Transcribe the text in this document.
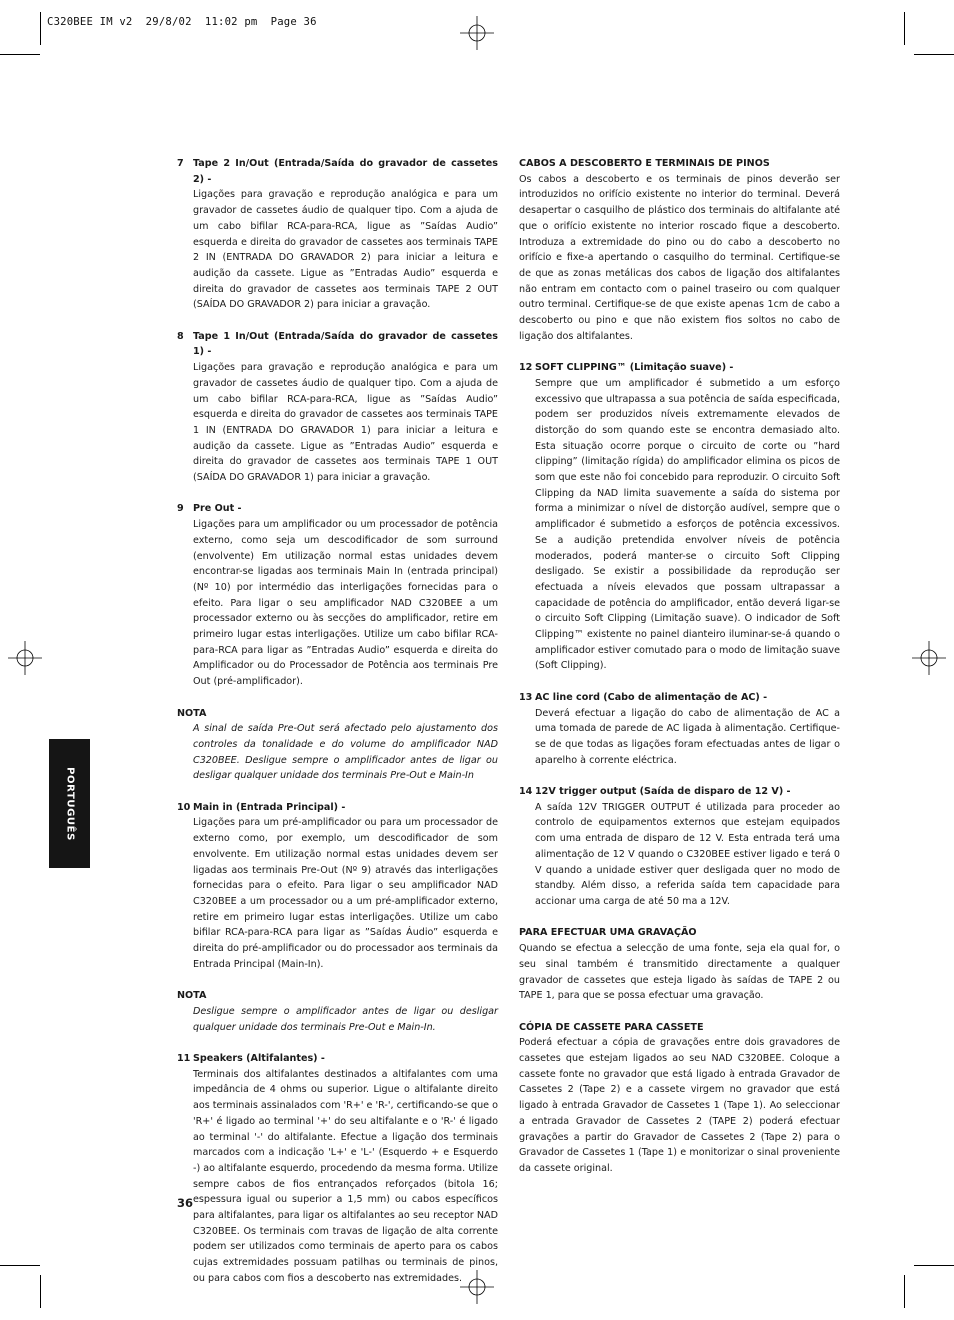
C320BEE IM v2  29/8/02  11:02 pm  Page 36
PORTUGUÊS
7 Tape 2 In/Out (Entrada/Saída do gravador de cassetes 2) -

Ligações para gravação e reprodução analógica e para um gravador de cassetes áudio de qualquer tipo. Com a ajuda de um cabo bifilar RCA-para-RCA, ligue as ”Saídas Audio” esquerda e direita do gravador de cassetes aos terminais TAPE 2 IN (ENTRADA DO GRAVADOR 2) para iniciar a leitura e audição da cassete. Ligue as ”Entradas Audio” esquerda e direita do gravador de cassetes aos terminais TAPE 2 OUT (SAÍDA DO GRAVADOR 2) para iniciar a gravação.

8 Tape 1 In/Out (Entrada/Saída do gravador de cassetes 1) -

Ligações para gravação e reprodução analógica e para um gravador de cassetes áudio de qualquer tipo. Com a ajuda de um cabo bifilar RCA-para-RCA, ligue as ”Saídas Audio” esquerda e direita do gravador de cassetes aos terminais TAPE 1 IN (ENTRADA DO GRAVADOR 1) para iniciar a leitura e audição da cassete. Ligue as ”Entradas Audio” esquerda e direita do gravador de cassetes aos terminais TAPE 1 OUT (SAÍDA DO GRAVADOR 1) para iniciar a gravação.

9 Pre Out -

Ligações para um amplificador ou um processador de potência externo, como seja um descodificador de som surround (envolvente) Em utilização normal estas unidades devem encontrar-se ligadas aos terminais Main In (entrada principal) (Nº 10) por intermédio das interligações fornecidas para o efeito. Para ligar o seu amplificador NAD C320BEE a um processador externo ou às secções do amplificador, retire em primeiro lugar estas interligações. Utilize um cabo bifilar RCA-para-RCA para ligar as ”Entradas Audio” esquerda e direita do Amplificador ou do Processador de Potência aos terminais Pre Out (pré-amplificador).

NOTA

A sinal de saída Pre-Out será afectado pelo ajustamento dos controles da tonalidade e do volume do amplificador NAD C320BEE. Desligue sempre o amplificador antes de ligar ou desligar qualquer unidade dos terminais Pre-Out e Main-In

10 Main in (Entrada Principal) -

Ligações para um pré-amplificador ou para um processador de externo como, por exemplo, um descodificador de som envolvente. Em utilização normal estas unidades devem ser ligadas aos terminais Pre-Out (Nº 9) através das interligações fornecidas para o efeito. Para ligar o seu amplificador NAD C320BEE a um processador ou a um pré-amplificador externo, retire em primeiro lugar estas interligações. Utilize um cabo bifilar RCA-para-RCA para ligar as ”Saídas Áudio” esquerda e direita do pré-amplificador ou do processador aos terminais da Entrada Principal (Main-In).

NOTA

Desligue sempre o amplificador antes de ligar ou desligar qualquer unidade dos terminais Pre-Out e Main-In.

11 Speakers (Altifalantes) -

Terminais dos altifalantes destinados a altifalantes com uma impedância de 4 ohms ou superior. Ligue o altifalante direito aos terminais assinalados com 'R+' e 'R-', certificando-se que o 'R+' é ligado ao terminal '+' do seu altifalante e o 'R-' é ligado ao terminal '-' do altifalante. Efectue a ligação dos terminais marcados com a indicação 'L+' e 'L-' (Esquerdo + e Esquerdo -) ao altifalante esquerdo, procedendo da mesma forma. Utilize sempre cabos de fios entrançados reforçados (bitola 16; espessura igual ou superior a 1,5 mm) ou cabos específicos para altifalantes, para ligar os altifalantes ao seu receptor NAD C320BEE. Os terminais com travas de ligação de alta corrente podem ser utilizados como terminais de aperto para os cabos cujas extremidades possuam patilhas ou terminais de pinos, ou para cabos com fios a descoberto nas extremidades.

CABOS A DESCOBERTO E TERMINAIS DE PINOS

Os cabos a descoberto e os terminais de pinos deverão ser introduzidos no orifício existente no interior do terminal. Deverá desapertar o casquilho de plástico dos terminais do altifalante até que o orifício existente no interior roscado fique a descoberto. Introduza a extremidade do pino ou do cabo a descoberto no orifício e fixe-a apertando o casquilho do terminal. Certifique-se de que as zonas metálicas dos cabos de ligação dos altifalantes não entram em contacto com o painel traseiro ou com qualquer outro terminal. Certifique-se de que existe apenas 1cm de cabo a descoberto ou pino e que não existem fios soltos no cabo de ligação dos altifalantes.

12 SOFT CLIPPING™ (Limitação suave) -

Sempre que um amplificador é submetido a um esforço excessivo que ultrapassa a sua potência de saída especificada, podem ser produzidos níveis extremamente elevados de distorção do som quando este se encontra demasiado alto. Esta situação ocorre porque o circuito de corte ou ”hard clipping” (limitação rígida) do amplificador elimina os picos de som que este não foi concebido para reproduzir. O circuito Soft Clipping da NAD limita suavemente a saída do sistema por forma a minimizar o nível de distorção audível, sempre que o amplificador é submetido a esforços de potência excessivos. Se a audição pretendida envolver níveis de potência moderados, poderá manter-se o circuito Soft Clipping desligado. Se existir a possibilidade da reprodução ser efectuada a níveis elevados que possam ultrapassar a capacidade de potência do amplificador, então deverá ligar-se o circuito Soft Clipping (Limitação suave). O indicador de Soft Clipping™ existente no painel dianteiro iluminar-se-á quando o amplificador estiver comutado para o modo de limitação suave (Soft Clipping).

13 AC line cord (Cabo de alimentação de AC) -

Deverá efectuar a ligação do cabo de alimentação de AC a uma tomada de parede de AC ligada à alimentação. Certifique-se de que todas as ligações foram efectuadas antes de ligar o aparelho à corrente eléctrica.

14 12V trigger output (Saída de disparo de 12 V) -

A saída 12V TRIGGER OUTPUT é utilizada para proceder ao controlo de equipamentos externos que estejam equipados com uma entrada de disparo de 12 V. Esta entrada terá uma alimentação de 12 V quando o C320BEE estiver ligado e terá 0 V quando a unidade estiver quer desligada quer no modo de standby. Além disso, a referida saída tem capacidade para accionar uma carga de até 50 ma a 12V.

PARA EFECTUAR UMA GRAVAÇÃO

Quando se efectua a selecção de uma fonte, seja ela qual for, o seu sinal também é transmitido directamente a qualquer gravador de cassetes que esteja ligado às saídas de TAPE 2 ou TAPE 1, para que se possa efectuar uma gravação.

CÓPIA DE CASSETE PARA CASSETE

Poderá efectuar a cópia de gravações entre dois gravadores de cassetes que estejam ligados ao seu NAD C320BEE. Coloque a cassete fonte no gravador que está ligado à entrada Gravador de Cassetes 2 (Tape 2) e a cassete virgem no gravador que está ligado à entrada Gravador de Cassetes 1 (Tape 1). Ao seleccionar a entrada Gravador de Cassetes 2 (TAPE 2) poderá efectuar gravações a partir do Gravador de Cassetes 2 (Tape 2) para o Gravador de Cassetes 1 (Tape 1) e monitorizar o sinal proveniente da cassete original.

36
